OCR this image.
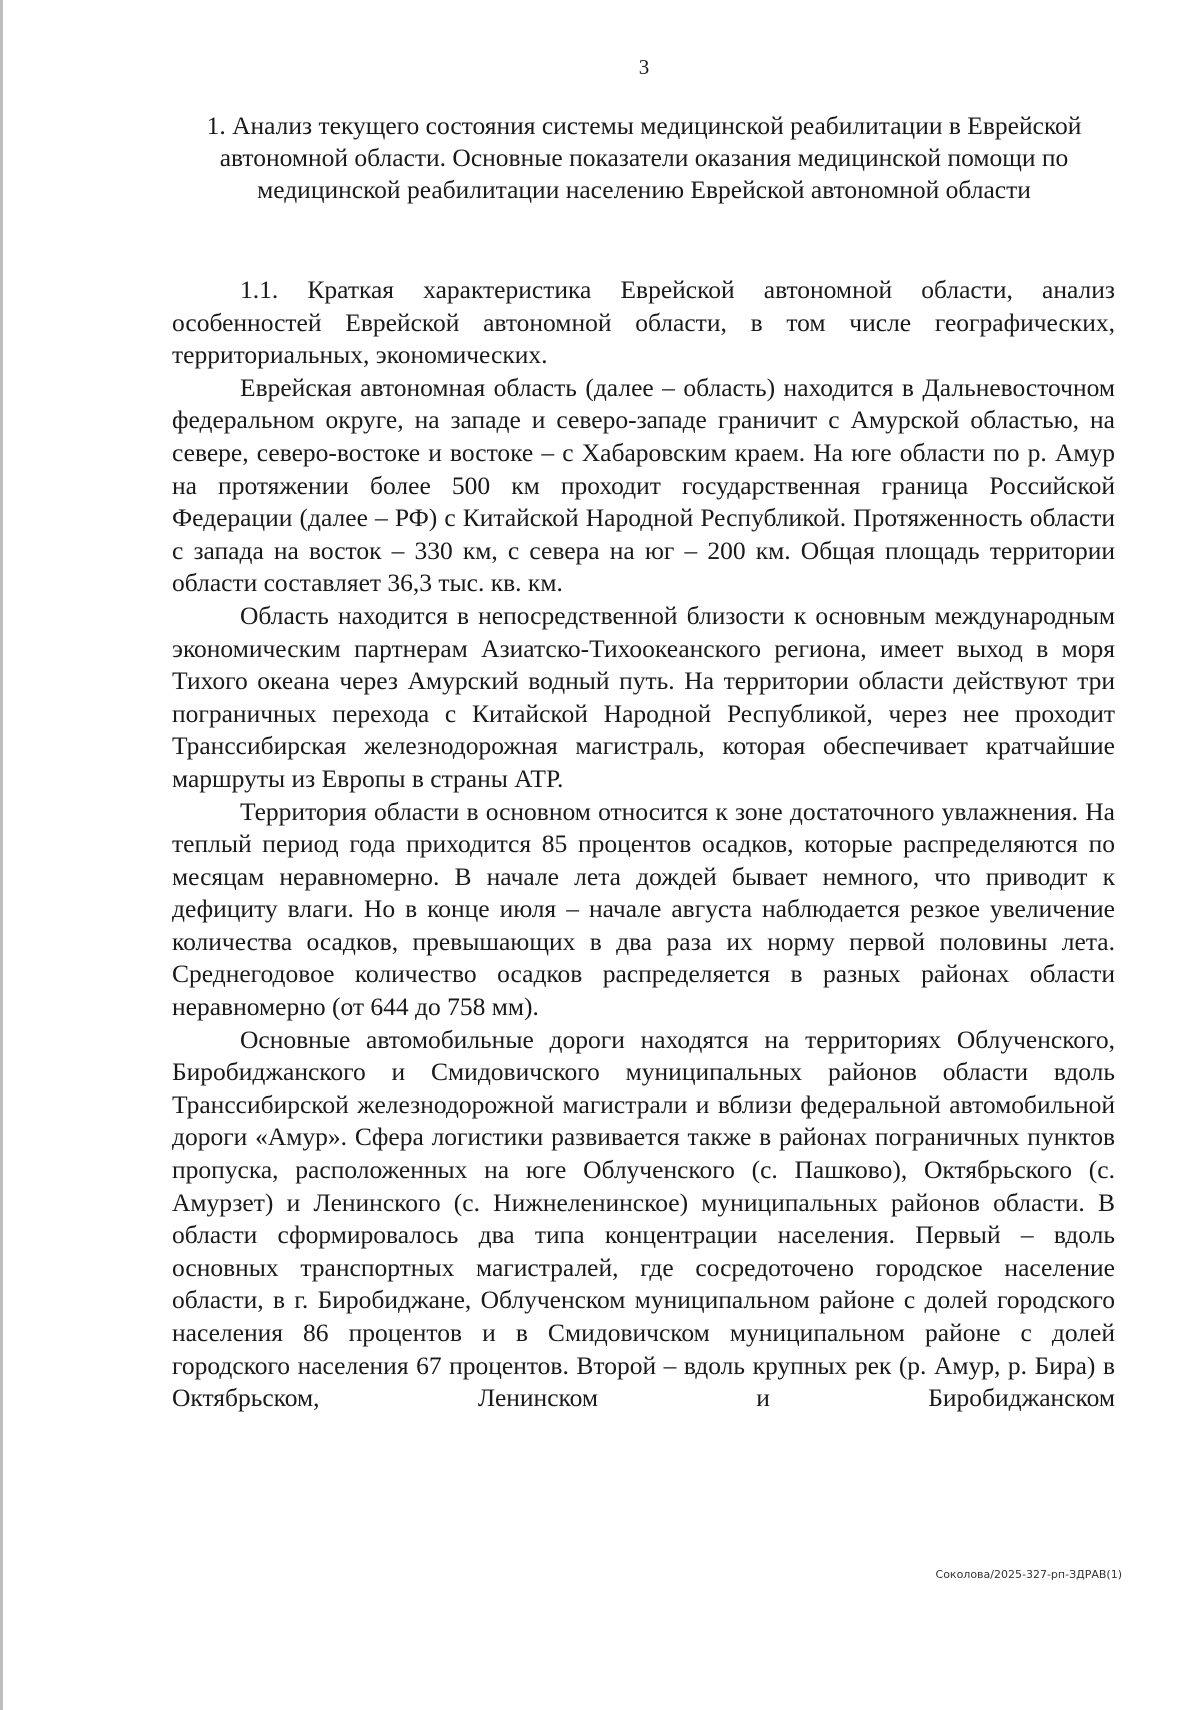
3
1. Анализ текущего состояния системы медицинской реабилитации в Еврейской автономной области. Основные показатели оказания медицинской помощи по медицинской реабилитации населению Еврейской автономной области

1.1. Краткая характеристика Еврейской автономной области, анализ особенностей Еврейской автономной области, в том числе географических, территориальных, экономических.

Еврейская автономная область (далее – область) находится в Дальневосточном федеральном округе, на западе и северо-западе граничит с Амурской областью, на севере, северо-востоке и востоке – с Хабаровским краем. На юге области по р. Амур на протяжении более 500 км проходит государственная граница Российской Федерации (далее – РФ) с Китайской Народной Республикой. Протяженность области с запада на восток – 330 км, с севера на юг – 200 км. Общая площадь территории области составляет 36,3 тыс. кв. км.

Область находится в непосредственной близости к основным международным экономическим партнерам Азиатско-Тихоокеанского региона, имеет выход в моря Тихого океана через Амурский водный путь. На территории области действуют три пограничных перехода с Китайской Народной Республикой, через нее проходит Транссибирская железнодорожная магистраль, которая обеспечивает кратчайшие маршруты из Европы в страны АТР.

Территория области в основном относится к зоне достаточного увлажнения. На теплый период года приходится 85 процентов осадков, которые распределяются по месяцам неравномерно. В начале лета дождей бывает немного, что приводит к дефициту влаги. Но в конце июля – начале августа наблюдается резкое увеличение количества осадков, превышающих в два раза их норму первой половины лета. Среднегодовое количество осадков распределяется в разных районах области неравномерно (от 644 до 758 мм).

Основные автомобильные дороги находятся на территориях Облученского, Биробиджанского и Смидовичского муниципальных районов области вдоль Транссибирской железнодорожной магистрали и вблизи федеральной автомобильной дороги «Амур». Сфера логистики развивается также в районах пограничных пунктов пропуска, расположенных на юге Облученского (с. Пашково), Октябрьского (с. Амурзет) и Ленинского (с. Нижнеленинское) муниципальных районов области. В области сформировалось два типа концентрации населения. Первый – вдоль основных транспортных магистралей, где сосредоточено городское население области, в г. Биробиджане, Облученском муниципальном районе с долей городского населения 86 процентов и в Смидовичском муниципальном районе с долей городского населения 67 процентов. Второй – вдоль крупных рек (р. Амур, р. Бира) в Октябрьском, Ленинском и Биробиджанском

Соколова/2025-327-рп-ЗДРАВ(1)
